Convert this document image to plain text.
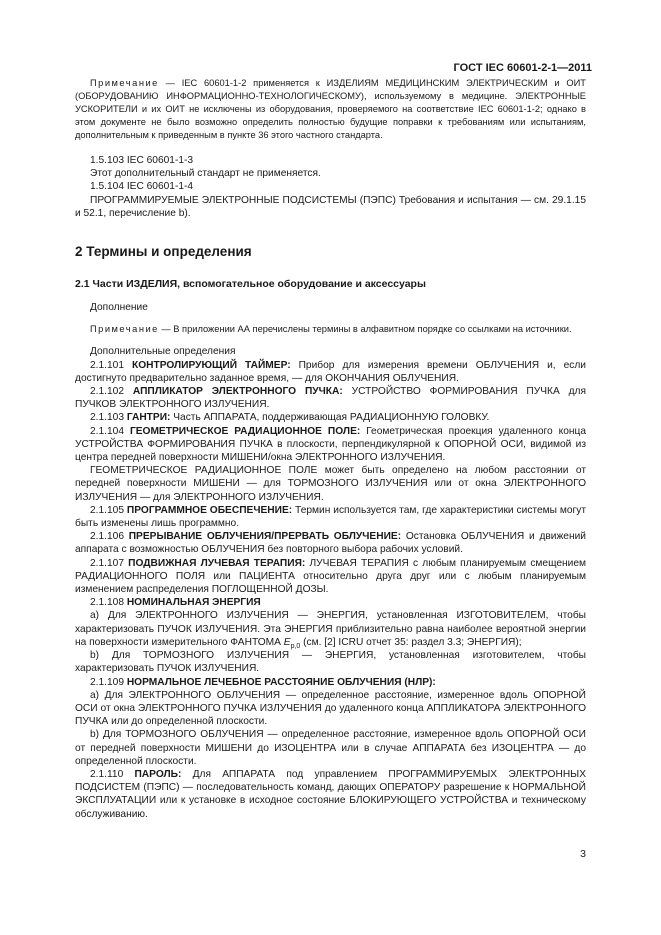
ГОСТ IEC 60601-2-1—2011

Примечание — IEC 60601-1-2 применяется к ИЗДЕЛИЯМ МЕДИЦИНСКИМ ЭЛЕКТРИЧЕСКИМ и ОИТ (ОБОРУДОВАНИЮ ИНФОРМАЦИОННО-ТЕХНОЛОГИЧЕСКОМУ), используемому в медицине. ЭЛЕКТРОННЫЕ УСКОРИТЕЛИ и их ОИТ не исключены из оборудования, проверяемого на соответствие IEC 60601-1-2; однако в этом документе не было возможно определить полностью будущие поправки к требованиям или испытаниям, дополнительным к приведенным в пункте 36 этого частного стандарта.

1.5.103 IEC 60601-1-3

Этот дополнительный стандарт не применяется.

1.5.104 IEC 60601-1-4

ПРОГРАММИРУЕМЫЕ ЭЛЕКТРОННЫЕ ПОДСИСТЕМЫ (ПЭПС) Требования и испытания — см. 29.1.15 и 52.1, перечисление b).

2 Термины и определения
2.1 Части ИЗДЕЛИЯ, вспомогательное оборудование и аксессуары

Дополнение

Примечание — В приложении АА перечислены термины в алфавитном порядке со ссылками на источники.

Дополнительные определения

2.1.101 КОНТРОЛИРУЮЩИЙ ТАЙМЕР: Прибор для измерения времени ОБЛУЧЕНИЯ и, если достигнуто предварительно заданное время, — для ОКОНЧАНИЯ ОБЛУЧЕНИЯ.

2.1.102 АППЛИКАТОР ЭЛЕКТРОННОГО ПУЧКА: УСТРОЙСТВО ФОРМИРОВАНИЯ ПУЧКА для ПУЧКОВ ЭЛЕКТРОННОГО ИЗЛУЧЕНИЯ.

2.1.103 ГАНТРИ: Часть АППАРАТА, поддерживающая РАДИАЦИОННУЮ ГОЛОВКУ.

2.1.104 ГЕОМЕТРИЧЕСКОЕ РАДИАЦИОННОЕ ПОЛЕ: Геометрическая проекция удаленного конца УСТРОЙСТВА ФОРМИРОВАНИЯ ПУЧКА в плоскости, перпендикулярной к ОПОРНОЙ ОСИ, видимой из центра передней поверхности МИШЕНИ/окна ЭЛЕКТРОННОГО ИЗЛУЧЕНИЯ.

ГЕОМЕТРИЧЕСКОЕ РАДИАЦИОННОЕ ПОЛЕ может быть определено на любом расстоянии от передней поверхности МИШЕНИ — для ТОРМОЗНОГО ИЗЛУЧЕНИЯ или от окна ЭЛЕКТРОННОГО ИЗЛУЧЕНИЯ — для ЭЛЕКТРОННОГО ИЗЛУЧЕНИЯ.

2.1.105 ПРОГРАММНОЕ ОБЕСПЕЧЕНИЕ: Термин используется там, где характеристики системы могут быть изменены лишь программно.

2.1.106 ПРЕРЫВАНИЕ ОБЛУЧЕНИЯ/ПРЕРВАТЬ ОБЛУЧЕНИЕ: Остановка ОБЛУЧЕНИЯ и движений аппарата с возможностью ОБЛУЧЕНИЯ без повторного выбора рабочих условий.

2.1.107 ПОДВИЖНАЯ ЛУЧЕВАЯ ТЕРАПИЯ: ЛУЧЕВАЯ ТЕРАПИЯ с любым планируемым смещением РАДИАЦИОННОГО ПОЛЯ или ПАЦИЕНТА относительно друга друг или с любым планируемым изменением распределения ПОГЛОЩЕННОЙ ДОЗЫ.

2.1.108 НОМИНАЛЬНАЯ ЭНЕРГИЯ

а) Для ЭЛЕКТРОННОГО ИЗЛУЧЕНИЯ — ЭНЕРГИЯ, установленная ИЗГОТОВИТЕЛЕМ, чтобы характеризовать ПУЧОК ИЗЛУЧЕНИЯ. Эта ЭНЕРГИЯ приблизительно равна наиболее вероятной энергии на поверхности измерительного ФАНТОМА $E_{p,0}$ (см. [2] ICRU отчет 35: раздел 3.3; ЭНЕРГИЯ);

b) Для ТОРМОЗНОГО ИЗЛУЧЕНИЯ — ЭНЕРГИЯ, установленная изготовителем, чтобы характеризовать ПУЧОК ИЗЛУЧЕНИЯ.

2.1.109 НОРМАЛЬНОЕ ЛЕЧЕБНОЕ РАССТОЯНИЕ ОБЛУЧЕНИЯ (НЛР):

а) Для ЭЛЕКТРОННОГО ОБЛУЧЕНИЯ — определенное расстояние, измеренное вдоль ОПОРНОЙ ОСИ от окна ЭЛЕКТРОННОГО ПУЧКА ИЗЛУЧЕНИЯ до удаленного конца АППЛИКАТОРА ЭЛЕКТРОННОГО ПУЧКА или до определенной плоскости.

b) Для ТОРМОЗНОГО ОБЛУЧЕНИЯ — определенное расстояние, измеренное вдоль ОПОРНОЙ ОСИ от передней поверхности МИШЕНИ до ИЗОЦЕНТРА или в случае АППАРАТА без ИЗОЦЕНТРА — до определенной плоскости.

2.1.110 ПАРОЛЬ: Для АППАРАТА под управлением ПРОГРАММИРУЕМЫХ ЭЛЕКТРОННЫХ ПОДСИСТЕМ (ПЭПС) — последовательность команд, дающих ОПЕРАТОРУ разрешение к НОРМАЛЬНОЙ ЭКСПЛУАТАЦИИ или к установке в исходное состояние БЛОКИРУЮЩЕГО УСТРОЙСТВА и техническому обслуживанию.

3
